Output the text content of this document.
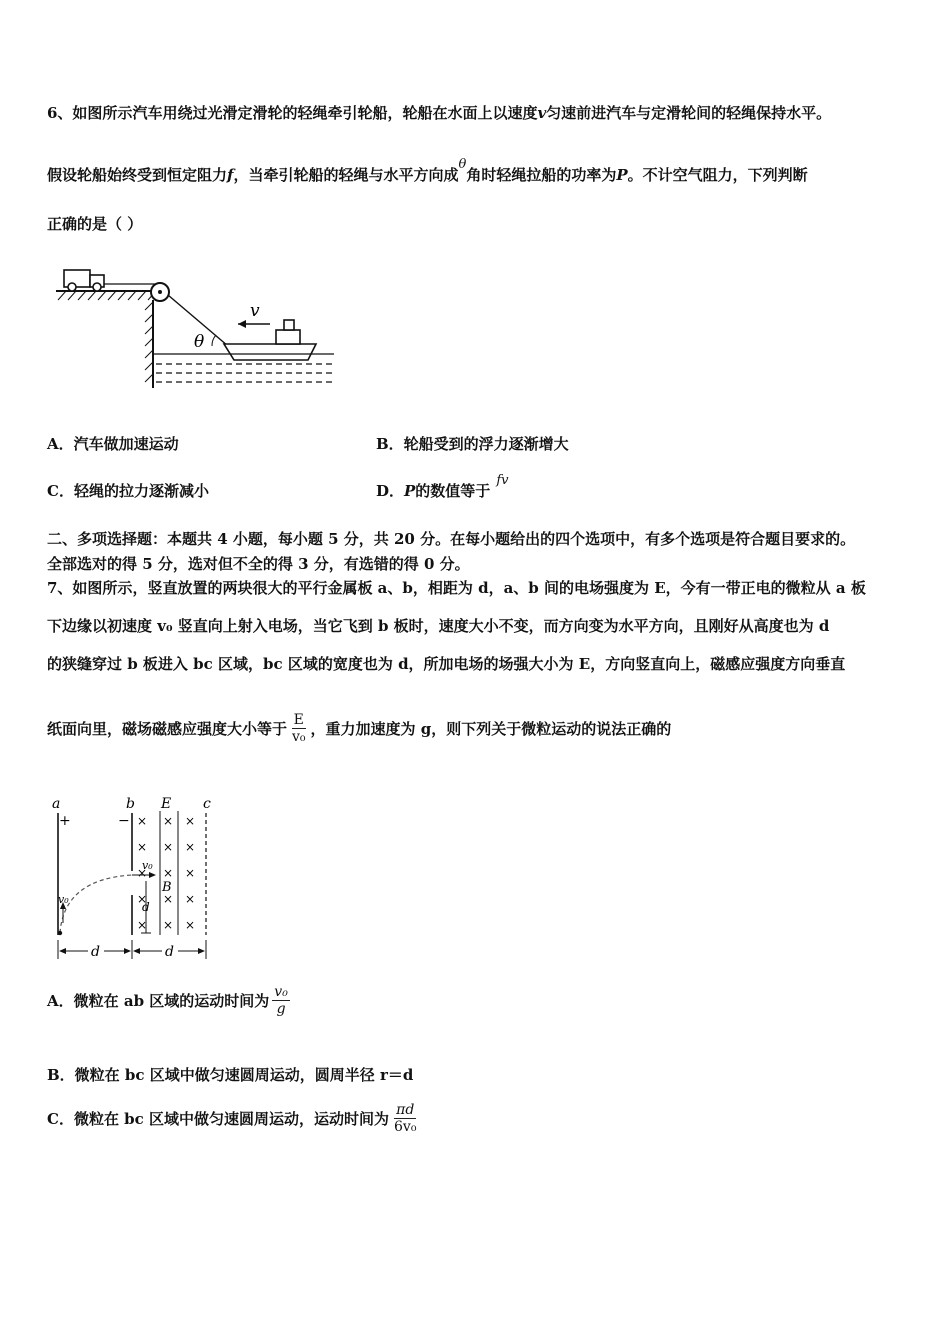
6、如图所示汽车用绕过光滑定滑轮的轻绳牵引轮船，轮船在水面上以速度v匀速前进汽车与定滑轮间的轻绳保持水平。
假设轮船始终受到恒定阻力f，当牵引轮船的轻绳与水平方向成θ角时轻绳拉船的功率为P。不计空气阻力，下列判断
正确的是（ ）
θ
v
A．汽车做加速运动	B．轮船受到的浮力逐渐增大
C．轻绳的拉力逐渐减小	D．P的数值等于fv
二、多项选择题：本题共 4 小题，每小题 5 分，共 20 分。在每小题给出的四个选项中，有多个选项是符合题目要求的。
全部选对的得 5 分，选对但不全的得 3 分，有选错的得 0 分。
7、如图所示，竖直放置的两块很大的平行金属板 a、b，相距为 d，a、b 间的电场强度为 E，今有一带正电的微粒从 a 板
下边缘以初速度 v₀ 竖直向上射入电场，当它飞到 b 板时，速度大小不变，而方向变为水平方向，且刚好从高度也为 d
的狭缝穿过 b 板进入 bc 区域，bc 区域的宽度也为 d，所加电场的场强大小为 E，方向竖直向上，磁感应强度方向垂直
纸面向里，磁场磁感应强度大小等于 $\frac{E}{\text{v₀}}$ ，重力加速度为 g，则下列关于微粒运动的说法正确的
a	b E c
+	− × × ×
× × ×
× × ×
× × ×
× × ×
v₀
v₀
B
d
d	d
A．微粒在 ab 区域的运动时间为 $\frac{\text{v₀}}{g}$
B．微粒在 bc 区域中做匀速圆周运动，圆周半径 r＝d
C．微粒在 bc 区域中做匀速圆周运动，运动时间为 $\frac{\pi d}{\text{6v₀}}$
